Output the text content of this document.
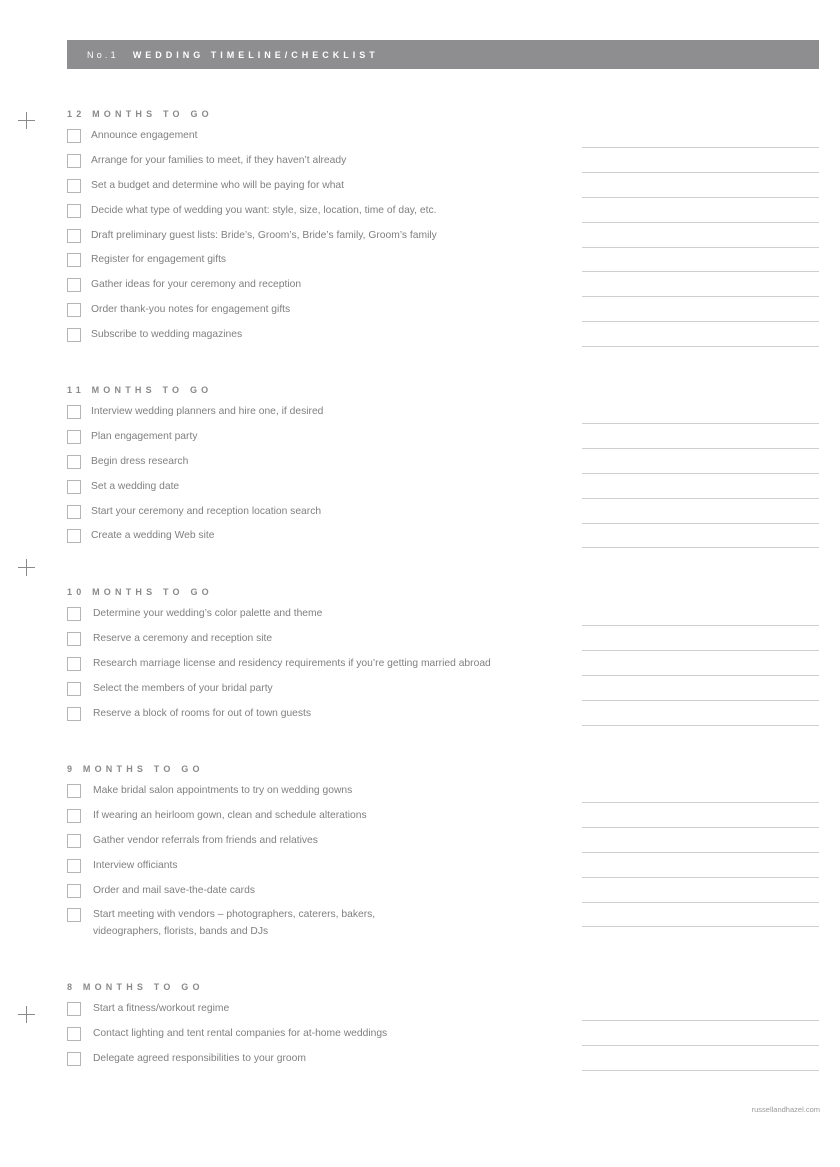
No.1 WEDDING TIMELINE/CHECKLIST
12 MONTHS TO GO
Announce engagement
Arrange for your families to meet, if they haven’t already
Set a budget and determine who will be paying for what
Decide what type of wedding you want: style, size, location, time of day, etc.
Draft preliminary guest lists: Bride’s, Groom’s, Bride’s family, Groom’s family
Register for engagement gifts
Gather ideas for your ceremony and reception
Order thank-you notes for engagement gifts
Subscribe to wedding magazines
11 MONTHS TO GO
Interview wedding planners and hire one, if desired
Plan engagement party
Begin dress research
Set a wedding date
Start your ceremony and reception location search
Create a wedding Web site
10 MONTHS TO GO
Determine your wedding’s color palette and theme
Reserve a ceremony and reception site
Research marriage license and residency requirements if you’re getting married abroad
Select the members of your bridal party
Reserve a block of rooms for out of town guests
9 MONTHS TO GO
Make bridal salon appointments to try on wedding gowns
If wearing an heirloom gown, clean and schedule alterations
Gather vendor referrals from friends and relatives
Interview officiants
Order and mail save-the-date cards
Start meeting with vendors – photographers, caterers, bakers, videographers, florists, bands and DJs
8 MONTHS TO GO
Start a fitness/workout regime
Contact lighting and tent rental companies for at-home weddings
Delegate agreed responsibilities to your groom
russellandhazel.com
